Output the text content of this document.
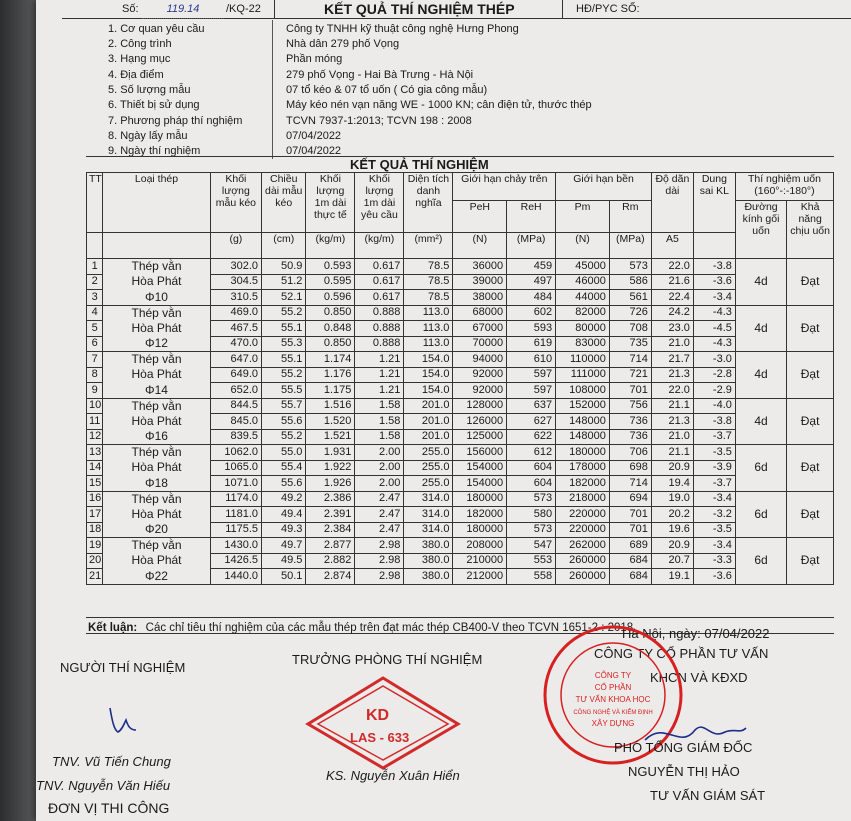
Số:	119.14	/KQ-22	KẾT QUẢ THÍ NGHIỆM THÉP	HĐ/PYC SỐ:
1. Cơ quan yêu cầu	Công ty TNHH kỹ thuật công nghệ Hưng Phong
2. Công trình	Nhà dân 279 phố Vọng
3. Hạng mục	Phần móng
4. Địa điểm	279 phố Vọng - Hai Bà Trưng - Hà Nội
5. Số lượng mẫu	07 tổ kéo & 07 tổ uốn ( Có gia công mẫu)
6. Thiết bị sử dụng	Máy kéo nén vạn năng WE - 1000 KN; cân điện tử, thước thép
7. Phương pháp thí nghiệm	TCVN 7937-1:2013; TCVN 198 : 2008
8. Ngày lấy mẫu	07/04/2022
9. Ngày thí nghiệm	07/04/2022
KẾT QUẢ THÍ NGHIỆM
TT	Loại thép	Khối lượng mẫu kéo	Chiều dài mẫu kéo	Khối lượng 1m dài thực tế	Khối lượng 1m dài yêu cầu	Diện tích danh nghĩa	Giới hạn chảy trên		Giới hạn bền		Độ dãn dài	Dung sai KL	Thí nghiệm uốn (160°-:-180°)	
							PeH	ReH	Pm	Rm			Đường kính gối uốn	Khả năng chịu uốn
		(g)	(cm)	(kg/m)	(kg/m)	(mm²)	(N)	(MPa)	(N)	(MPa)	A5			
1	Thép vằn	302.0	50.9	0.593	0.617	78.5	36000	459	45000	573	22.0	-3.8	4d	Đạt
2	Hòa Phát	304.5	51.2	0.595	0.617	78.5	39000	497	46000	586	21.6	-3.6		
3	Φ10	310.5	52.1	0.596	0.617	78.5	38000	484	44000	561	22.4	-3.4		
4	Thép vằn	469.0	55.2	0.850	0.888	113.0	68000	602	82000	726	24.2	-4.3	4d	Đạt
5	Hòa Phát	467.5	55.1	0.848	0.888	113.0	67000	593	80000	708	23.0	-4.5		
6	Φ12	470.0	55.3	0.850	0.888	113.0	70000	619	83000	735	21.0	-4.3		
7	Thép vằn	647.0	55.1	1.174	1.21	154.0	94000	610	110000	714	21.7	-3.0	4d	Đạt
8	Hòa Phát	649.0	55.2	1.176	1.21	154.0	92000	597	111000	721	21.3	-2.8		
9	Φ14	652.0	55.5	1.175	1.21	154.0	92000	597	108000	701	22.0	-2.9		
10	Thép vằn	844.5	55.7	1.516	1.58	201.0	128000	637	152000	756	21.1	-4.0	4d	Đạt
11	Hòa Phát	845.0	55.6	1.520	1.58	201.0	126000	627	148000	736	21.3	-3.8		
12	Φ16	839.5	55.2	1.521	1.58	201.0	125000	622	148000	736	21.0	-3.7		
13	Thép vằn	1062.0	55.0	1.931	2.00	255.0	156000	612	180000	706	21.1	-3.5	6d	Đạt
14	Hòa Phát	1065.0	55.4	1.922	2.00	255.0	154000	604	178000	698	20.9	-3.9		
15	Φ18	1071.0	55.6	1.926	2.00	255.0	154000	604	182000	714	19.4	-3.7		
16	Thép vằn	1174.0	49.2	2.386	2.47	314.0	180000	573	218000	694	19.0	-3.4	6d	Đạt
17	Hòa Phát	1181.0	49.4	2.391	2.47	314.0	182000	580	220000	701	20.2	-3.2		
18	Φ20	1175.5	49.3	2.384	2.47	314.0	180000	573	220000	701	19.6	-3.5		
19	Thép vằn	1430.0	49.7	2.877	2.98	380.0	208000	547	262000	689	20.9	-3.4	6d	Đạt
20	Hòa Phát	1426.5	49.5	2.882	2.98	380.0	210000	553	260000	684	20.7	-3.3		
21	Φ22	1440.0	50.1	2.874	2.98	380.0	212000	558	260000	684	19.1	-3.6		
Kết luận: Các chỉ tiêu thí nghiệm của các mẫu thép trên đạt mác thép CB400-V theo TCVN 1651-2 : 2018.
Hà Nội, ngày: 07/04/2022
CÔNG TY CỔ PHẦN TƯ VẤN
KHCN VÀ KĐXD
NGƯỜI THÍ NGHIỆM
TRƯỞNG PHÒNG THÍ NGHIỆM
KD
LAS - 633
CÔNG TY
CỔ PHẦN
TƯ VẤN KHOA HỌC
CÔNG NGHỆ VÀ KIỂM ĐỊNH
XÂY DỰNG
TNV. Vũ Tiến Chung
TNV. Nguyễn Văn Hiếu
KS. Nguyễn Xuân Hiển
PHÓ TỔNG GIÁM ĐỐC
NGUYỄN THỊ HẢO
ĐƠN VỊ THI CÔNG
TƯ VẤN GIÁM SÁT
